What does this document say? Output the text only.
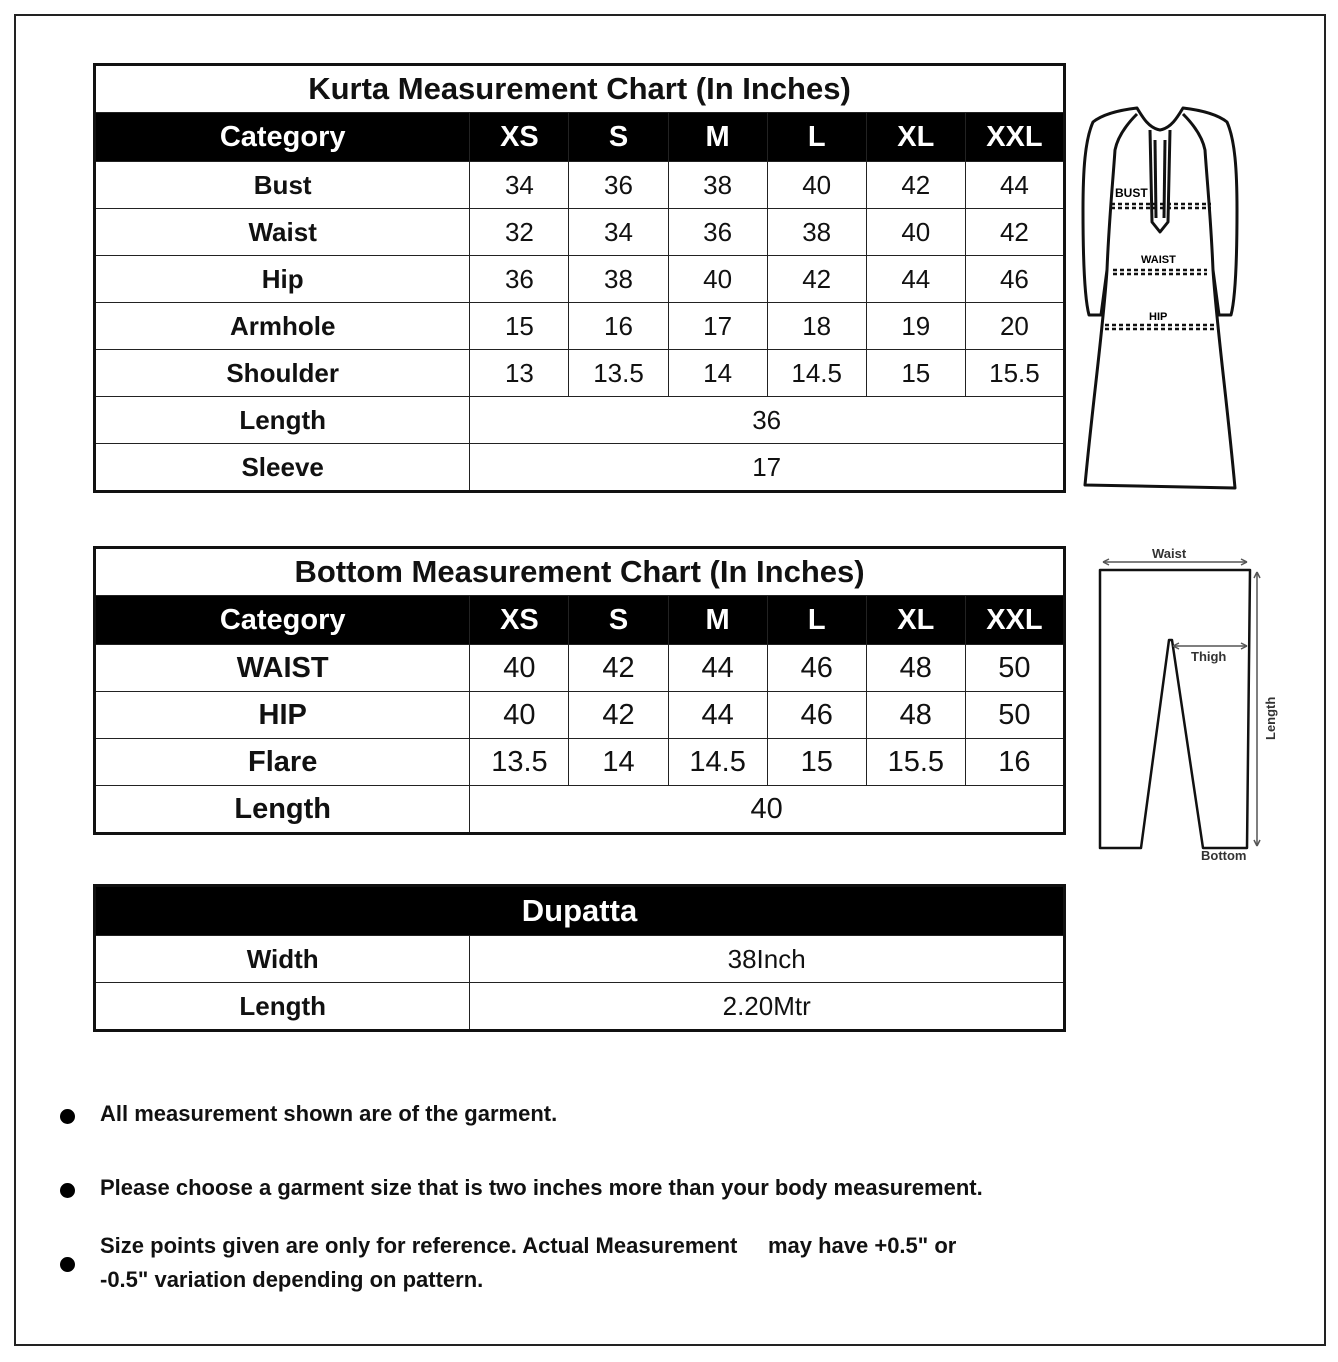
Kurta Measurement Chart (In Inches)						
Category	XS	S	M	L	XL	XXL
Bust	34	36	38	40	42	44
Waist	32	34	36	38	40	42
Hip	36	38	40	42	44	46
Armhole	15	16	17	18	19	20
Shoulder	13	13.5	14	14.5	15	15.5
Length	36					
Sleeve	17					
BUST
WAIST
HIP
Bottom Measurement Chart (In Inches)						
Category	XS	S	M	L	XL	XXL
WAIST	40	42	44	46	48	50
HIP	40	42	44	46	48	50
Flare	13.5	14	14.5	15	15.5	16
Length	40					
Waist
Thigh
Length
Bottom
Dupatta	
Width	38Inch
Length	2.20Mtr
All measurement shown are of the garment.
Please choose a garment size that is two inches more than your body measurement.
Size points given are only for reference. Actual Measurement     may have +0.5" or -0.5" variation depending on pattern.
